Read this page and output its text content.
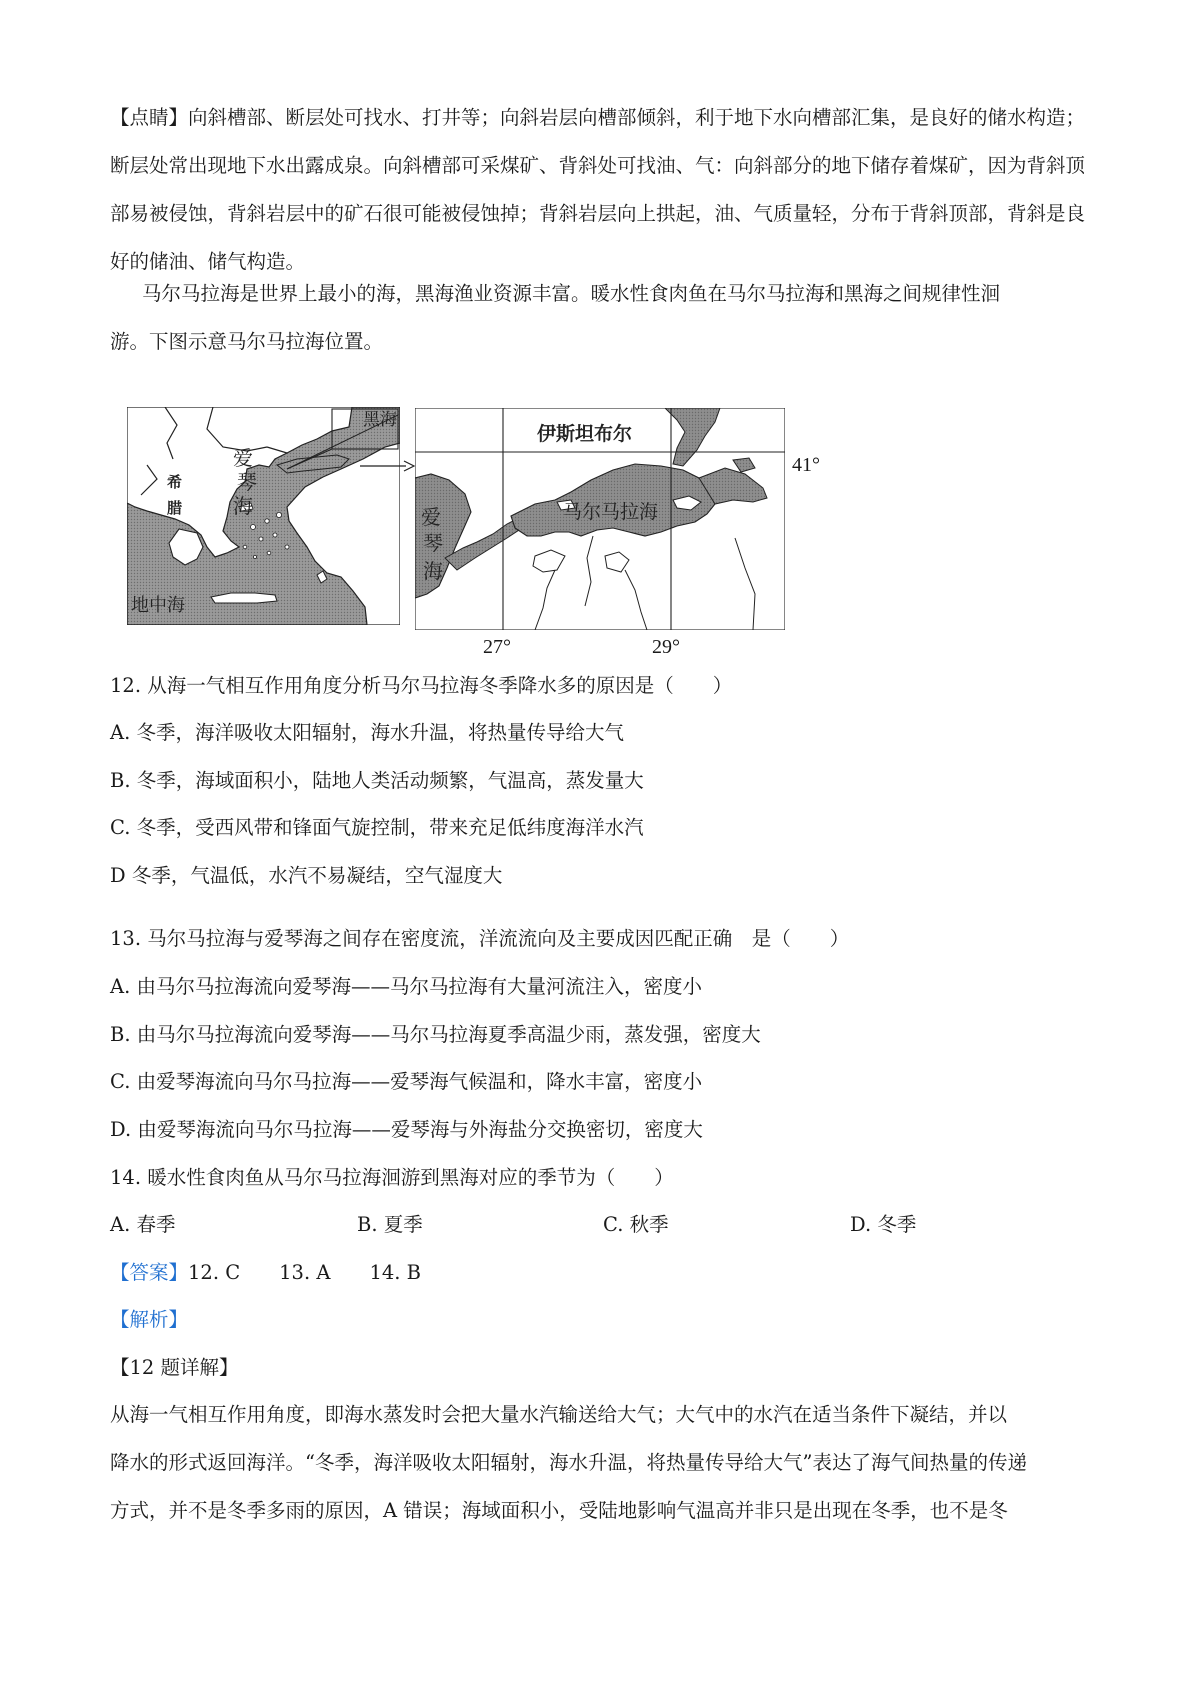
【点睛】向斜槽部、断层处可找水、打井等；向斜岩层向槽部倾斜，利于地下水向槽部汇集，是良好的储水构造；断层处常出现地下水出露成泉。向斜槽部可采煤矿、背斜处可找油、气：向斜部分的地下储存着煤矿，因为背斜顶部易被侵蚀，背斜岩层中的矿石很可能被侵蚀掉；背斜岩层向上拱起，油、气质量轻，分布于背斜顶部，背斜是良好的储油、储气构造。

马尔马拉海是世界上最小的海，黑海渔业资源丰富。暖水性食肉鱼在马尔马拉海和黑海之间规律性洄

游。下图示意马尔马拉海位置。

黑海
希
腊
爱
琴
海
地中海
伊斯坦布尔
马尔马拉海
爱
琴
海
41°
27°	29°

12. 从海一气相互作用角度分析马尔马拉海冬季降水多的原因是（　　）

A. 冬季，海洋吸收太阳辐射，海水升温，将热量传导给大气

B. 冬季，海域面积小，陆地人类活动频繁，气温高，蒸发量大

C. 冬季，受西风带和锋面气旋控制，带来充足低纬度海洋水汽

D 冬季，气温低，水汽不易凝结，空气湿度大

13. 马尔马拉海与爱琴海之间存在密度流，洋流流向及主要成因匹配正确　是（　　）

A. 由马尔马拉海流向爱琴海——马尔马拉海有大量河流注入，密度小

B. 由马尔马拉海流向爱琴海——马尔马拉海夏季高温少雨，蒸发强，密度大

C. 由爱琴海流向马尔马拉海——爱琴海气候温和，降水丰富，密度小

D. 由爱琴海流向马尔马拉海——爱琴海与外海盐分交换密切，密度大

14. 暖水性食肉鱼从马尔马拉海洄游到黑海对应的季节为（　　）

A. 春季	B. 夏季	C. 秋季	D. 冬季

【答案】12. C　　13. A　　14. B

【解析】

【12 题详解】

从海一气相互作用角度，即海水蒸发时会把大量水汽输送给大气；大气中的水汽在适当条件下凝结，并以

降水的形式返回海洋。“冬季，海洋吸收太阳辐射，海水升温，将热量传导给大气”表达了海气间热量的传递

方式，并不是冬季多雨的原因，A 错误；海域面积小，受陆地影响气温高并非只是出现在冬季，也不是冬
